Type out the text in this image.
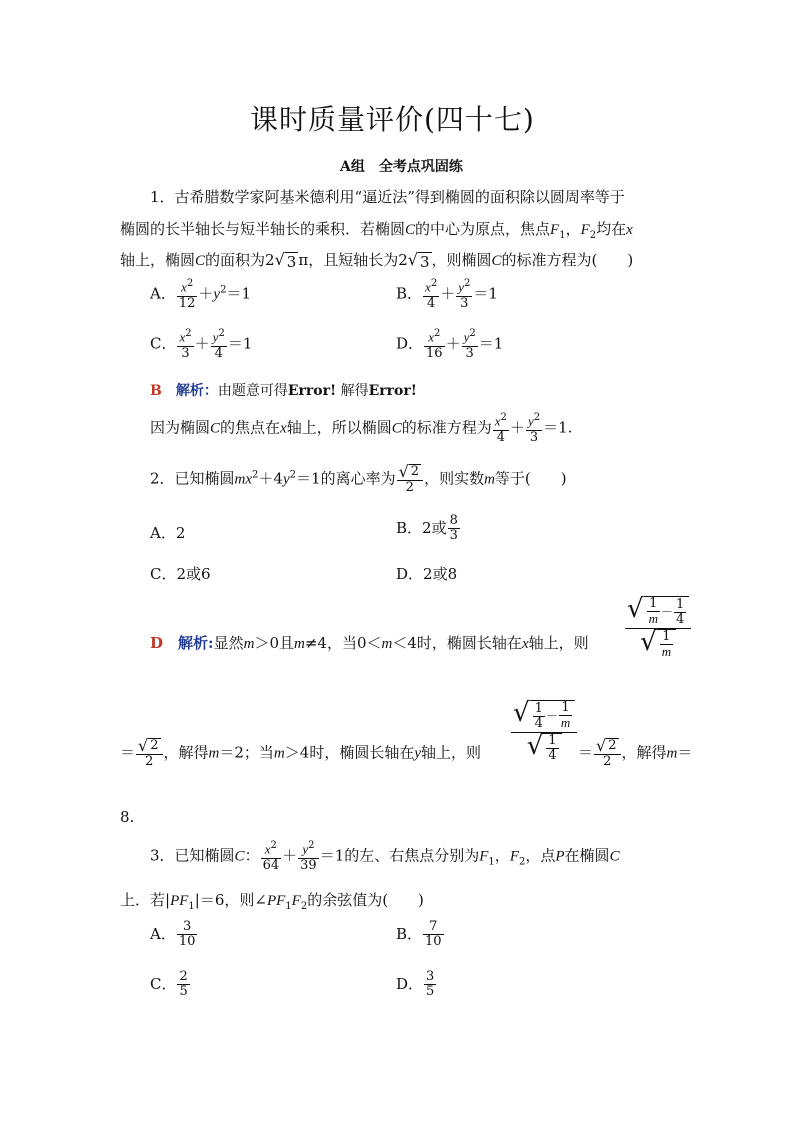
课时质量评价(四十七)
A组　全考点巩固练
1．古希腊数学家阿基米德利用“逼近法”得到椭圆的面积除以圆周率等于
椭圆的长半轴长与短半轴长的乘积．若椭圆C的中心为原点，焦点$F_1$，$F_2$均在x
轴上，椭圆C的面积为2 √ 3 π，且短轴长为2 √ 3 ，则椭圆C的标准方程为(　　)
A． $\frac{x^2}{12} +y^2=1$	B． $\frac{x^2}{4} + \frac{y^2}{3} =1$
C． $\frac{x^2}{3} + \frac{y^2}{4} =1$	D． $\frac{x^2}{16} + \frac{y^2}{3} =1$
B　 解析：由题意可得Error! 解得Error!
因为椭圆C的焦点在x轴上，所以椭圆C的标准方程为 $\frac{x^2}{4} + \frac{y^2}{3} =1$.
2．已知椭圆$mx^2+4y^2=1$的离心率为 $\frac{√ 2}{2}$ ，则实数m等于(　　)
A．2	B．2或 $\frac{8}{3}$
C．2或6	D．2或8
D　 解析:显然m＞0且m≠4，当0＜m＜4时，椭圆长轴在x轴上，则 $\frac{√ \frac{1}{m} - \frac{1}{4}}{√ \frac{1}{m}}$
＝ $\frac{√ 2}{2}$ ，解得m＝2；当m＞4时，椭圆长轴在y轴上，则 $\frac{√ \frac{1}{4} - \frac{1}{m}}{√ \frac{1}{4}} = \frac{√ 2}{2}$ ，解得m＝
8.
3．已知椭圆C： $\frac{x^2}{64} + \frac{y^2}{39} =1$的左、右焦点分别为$F_1$，$F_2$，点P在椭圆C
上．若$|PF_1|=6$，则$\angle PF_1F_2$的余弦值为(　　)
A． $\frac{3}{10}$	B． $\frac{7}{10}$
C． $\frac{2}{5}$	D． $\frac{3}{5}$
